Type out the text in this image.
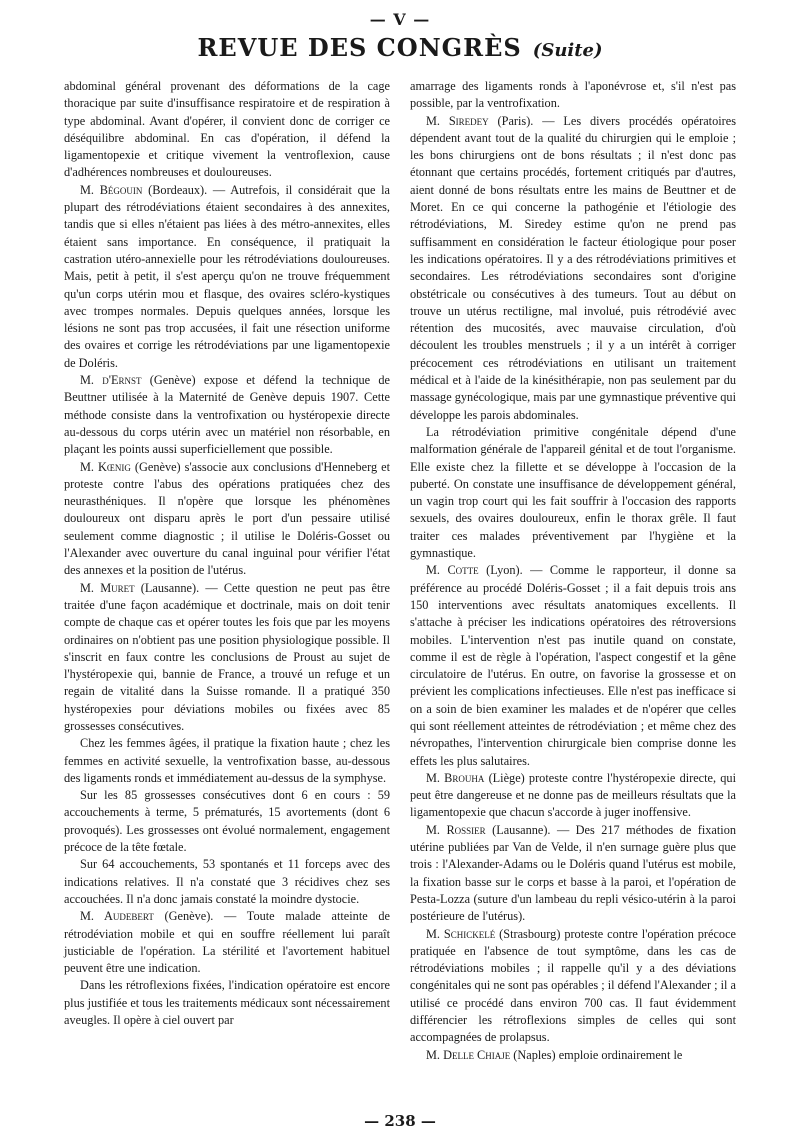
— V —
REVUE DES CONGRÈS (Suite)

abdominal général provenant des déformations de la cage thoracique par suite d'insuffisance respiratoire et de respiration à type abdominal. Avant d'opérer, il convient donc de corriger ce déséquilibre abdominal. En cas d'opération, il défend la ligamentopexie et critique vivement la ventroflexion, cause d'adhérences nombreuses et douloureuses.

M. Bégouin (Bordeaux). — Autrefois, il considérait que la plupart des rétrodéviations étaient secondaires à des annexites, tandis que si elles n'étaient pas liées à des métro-annexites, elles étaient sans importance. En conséquence, il pratiquait la castration utéro-annexielle pour les rétrodéviations douloureuses. Mais, petit à petit, il s'est aperçu qu'on ne trouve fréquemment qu'un corps utérin mou et flasque, des ovaires scléro-kystiques avec trompes normales. Depuis quelques années, lorsque les lésions ne sont pas trop accusées, il fait une résection uniforme des ovaires et corrige les rétrodéviations par une ligamentopexie de Doléris.

M. d'Ernst (Genève) expose et défend la technique de Beuttner utilisée à la Maternité de Genève depuis 1907. Cette méthode consiste dans la ventrofixation ou hystéropexie directe au-dessous du corps utérin avec un matériel non résorbable, en plaçant les points aussi superficiellement que possible.

M. Kœnig (Genève) s'associe aux conclusions d'Henneberg et proteste contre l'abus des opérations pratiquées chez des neurasthéniques. Il n'opère que lorsque les phénomènes douloureux ont disparu après le port d'un pessaire utilisé seulement comme diagnostic ; il utilise le Doléris-Gosset ou l'Alexander avec ouverture du canal inguinal pour vérifier l'état des annexes et la position de l'utérus.

M. Muret (Lausanne). — Cette question ne peut pas être traitée d'une façon académique et doctrinale, mais on doit tenir compte de chaque cas et opérer toutes les fois que par les moyens ordinaires on n'obtient pas une position physiologique possible. Il s'inscrit en faux contre les conclusions de Proust au sujet de l'hystéropexie qui, bannie de France, a trouvé un refuge et un regain de vitalité dans la Suisse romande. Il a pratiqué 350 hystéropexies pour déviations mobiles ou fixées avec 85 grossesses consécutives.

Chez les femmes âgées, il pratique la fixation haute ; chez les femmes en activité sexuelle, la ventrofixation basse, au-dessous des ligaments ronds et immédiatement au-dessus de la symphyse.

Sur les 85 grossesses consécutives dont 6 en cours : 59 accouchements à terme, 5 prématurés, 15 avortements (dont 6 provoqués). Les grossesses ont évolué normalement, engagement précoce de la tête fœtale.

Sur 64 accouchements, 53 spontanés et 11 forceps avec des indications relatives. Il n'a constaté que 3 récidives chez ses accouchées. Il n'a donc jamais constaté la moindre dystocie.

M. Audebert (Genève). — Toute malade atteinte de rétrodéviation mobile et qui en souffre réellement lui paraît justiciable de l'opération. La stérilité et l'avortement habituel peuvent être une indication.

Dans les rétroflexions fixées, l'indication opératoire est encore plus justifiée et tous les traitements médicaux sont nécessairement aveugles. Il opère à ciel ouvert par

amarrage des ligaments ronds à l'aponévrose et, s'il n'est pas possible, par la ventrofixation.

M. Siredey (Paris). — Les divers procédés opératoires dépendent avant tout de la qualité du chirurgien qui le emploie ; les bons chirurgiens ont de bons résultats ; il n'est donc pas étonnant que certains procédés, fortement critiqués par d'autres, aient donné de bons résultats entre les mains de Beuttner et de Moret. En ce qui concerne la pathogénie et l'étiologie des rétrodéviations, M. Siredey estime qu'on ne prend pas suffisamment en considération le facteur étiologique pour poser les indications opératoires. Il y a des rétrodéviations primitives et secondaires. Les rétrodéviations secondaires sont d'origine obstétricale ou consécutives à des tumeurs. Tout au début on trouve un utérus rectiligne, mal involué, puis rétrodévié avec rétention des mucosités, avec mauvaise circulation, d'où découlent les troubles menstruels ; il y a un intérêt à corriger précocement ces rétrodéviations en utilisant un traitement médical et à l'aide de la kinésithérapie, non pas seulement par du massage gynécologique, mais par une gymnastique préventive qui développe les parois abdominales.

La rétrodéviation primitive congénitale dépend d'une malformation générale de l'appareil génital et de tout l'organisme. Elle existe chez la fillette et se développe à l'occasion de la puberté. On constate une insuffisance de développement général, un vagin trop court qui les fait souffrir à l'occasion des rapports sexuels, des ovaires douloureux, enfin le thorax grêle. Il faut traiter ces malades préventivement par l'hygiène et la gymnastique.

M. Cotte (Lyon). — Comme le rapporteur, il donne sa préférence au procédé Doléris-Gosset ; il a fait depuis trois ans 150 interventions avec résultats anatomiques excellents. Il s'attache à préciser les indications opératoires des rétroversions mobiles. L'intervention n'est pas inutile quand on constate, comme il est de règle à l'opération, l'aspect congestif et la gêne circulatoire de l'utérus. En outre, on favorise la grossesse et on prévient les complications infectieuses. Elle n'est pas inefficace si on a soin de bien examiner les malades et de n'opérer que celles qui sont réellement atteintes de rétrodéviation ; et même chez des névropathes, l'intervention chirurgicale bien comprise donne les effets les plus salutaires.

M. Brouha (Liège) proteste contre l'hystéropexie directe, qui peut être dangereuse et ne donne pas de meilleurs résultats que la ligamentopexie que chacun s'accorde à juger inoffensive.

M. Rossier (Lausanne). — Des 217 méthodes de fixation utérine publiées par Van de Velde, il n'en surnage guère plus que trois : l'Alexander-Adams ou le Doléris quand l'utérus est mobile, la fixation basse sur le corps et basse à la paroi, et l'opération de Pesta-Lozza (suture d'un lambeau du repli vésico-utérin à la paroi postérieure de l'utérus).

M. Schickelé (Strasbourg) proteste contre l'opération précoce pratiquée en l'absence de tout symptôme, dans les cas de rétrodéviations mobiles ; il rappelle qu'il y a des déviations congénitales qui ne sont pas opérables ; il défend l'Alexander ; il a utilisé ce procédé dans environ 700 cas. Il faut évidemment différencier les rétroflexions simples de celles qui sont accompagnées de prolapsus.

M. Delle Chiaje (Naples) emploie ordinairement le

— 238 —
